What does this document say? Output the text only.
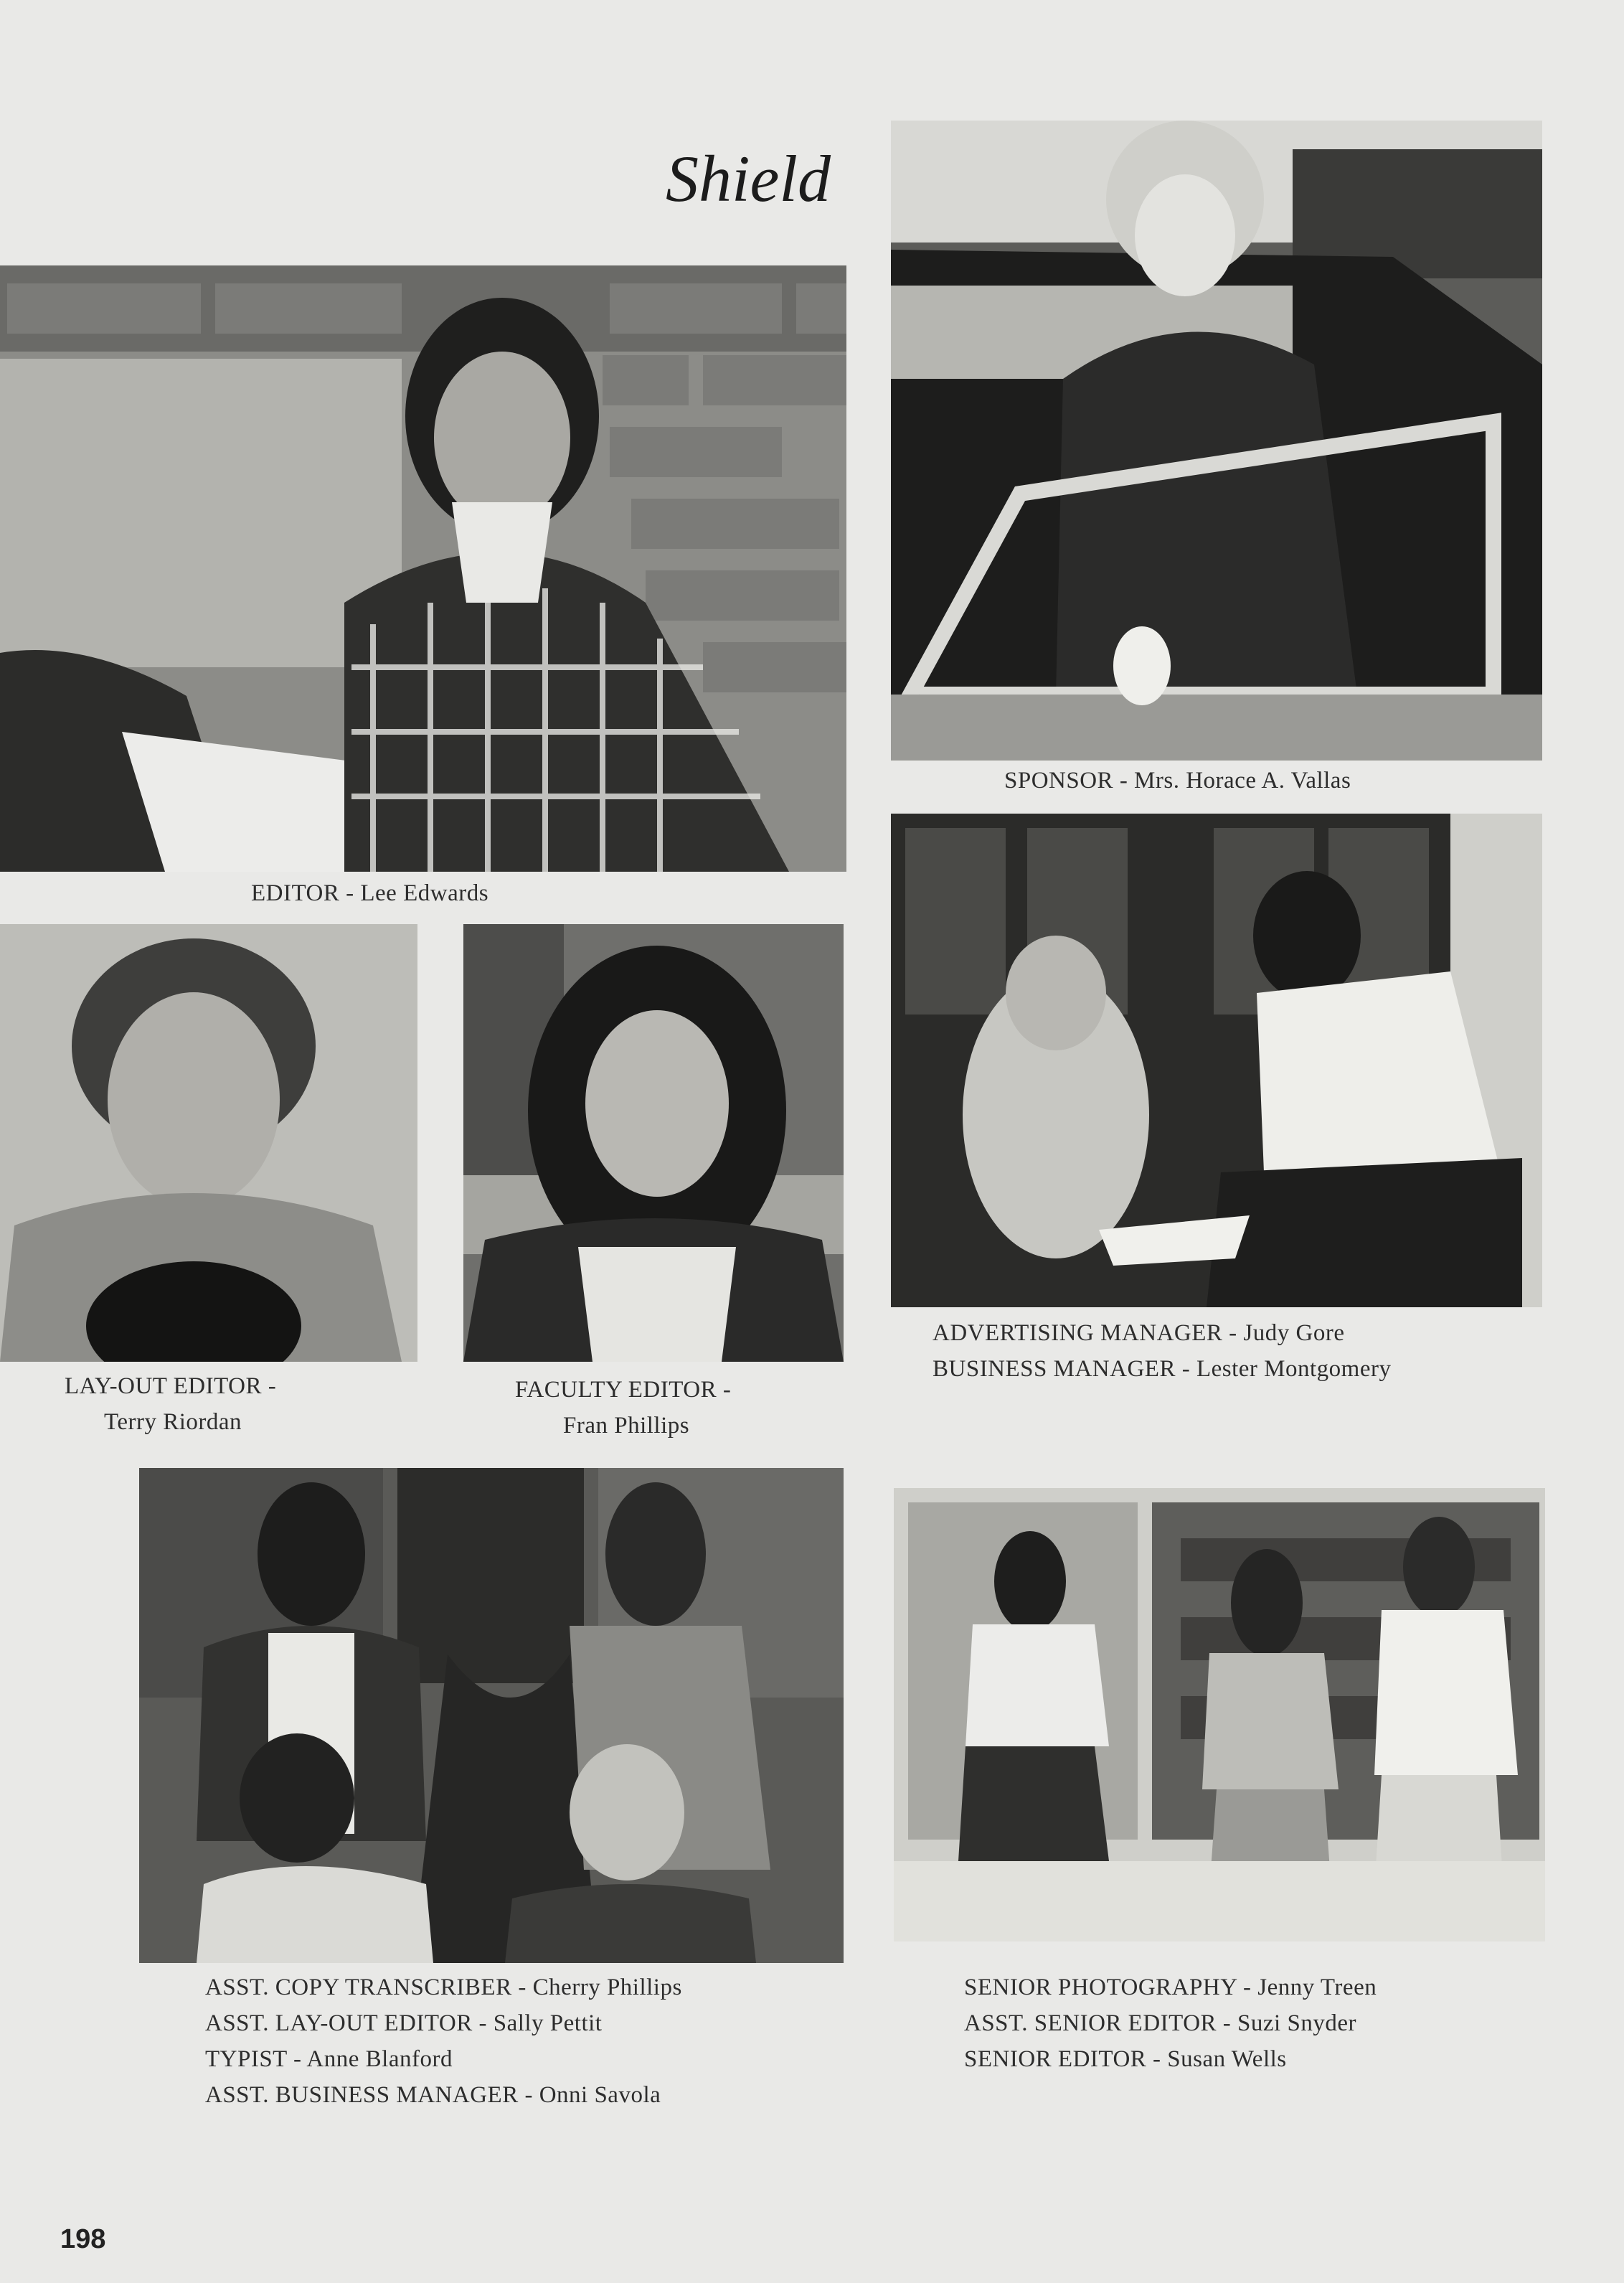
Shield
EDITOR - Lee Edwards
SPONSOR - Mrs. Horace A. Vallas
LAY-OUT EDITOR -
Terry Riordan
FACULTY EDITOR -
Fran Phillips
ADVERTISING MANAGER - Judy Gore
BUSINESS MANAGER - Lester Montgomery
ASST. COPY TRANSCRIBER - Cherry Phillips
ASST. LAY-OUT EDITOR - Sally Pettit
TYPIST - Anne Blanford
ASST. BUSINESS MANAGER - Onni Savola
SENIOR PHOTOGRAPHY - Jenny Treen
ASST. SENIOR EDITOR - Suzi Snyder
SENIOR EDITOR - Susan Wells
198
